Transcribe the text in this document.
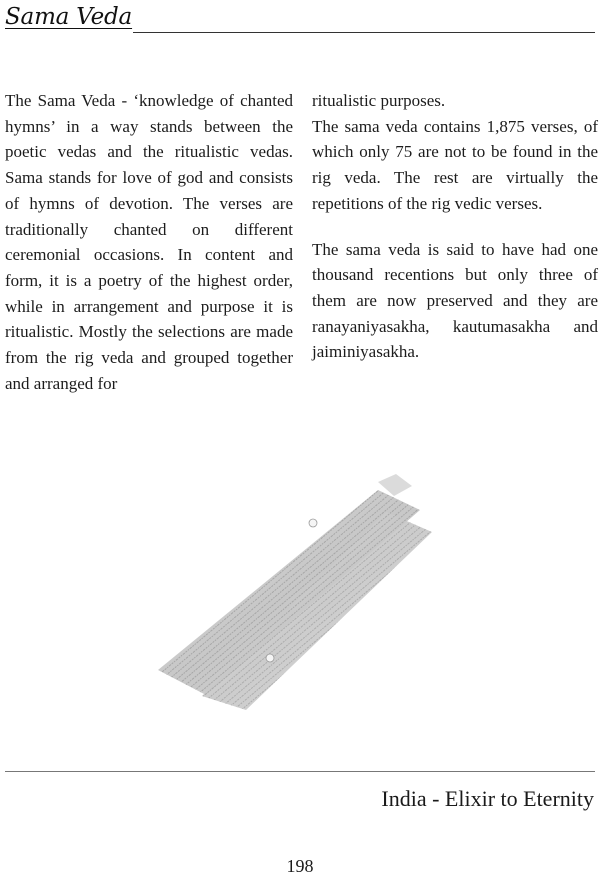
Sama Veda

The Sama Veda - ‘knowledge of chanted hymns’ in a way stands between the poetic vedas and the ritualistic vedas. Sama stands for love of god and consists of hymns of devotion. The verses are traditionally chanted on different ceremonial occasions. In content and form, it is a poetry of the highest order, while in arrangement and purpose it is ritualistic. Mostly the selections are made from the rig veda and grouped together and arranged for

ritualistic purposes.

The sama veda contains 1,875 verses, of which only 75 are not to be found in the rig veda. The rest are virtually the repetitions of the rig vedic verses.

The sama veda is said to have had one thousand recentions but only three of them are now preserved and they are ranayaniyasakha, kautumasakha and jaiminiyasakha.

India - Elixir to Eternity
198
